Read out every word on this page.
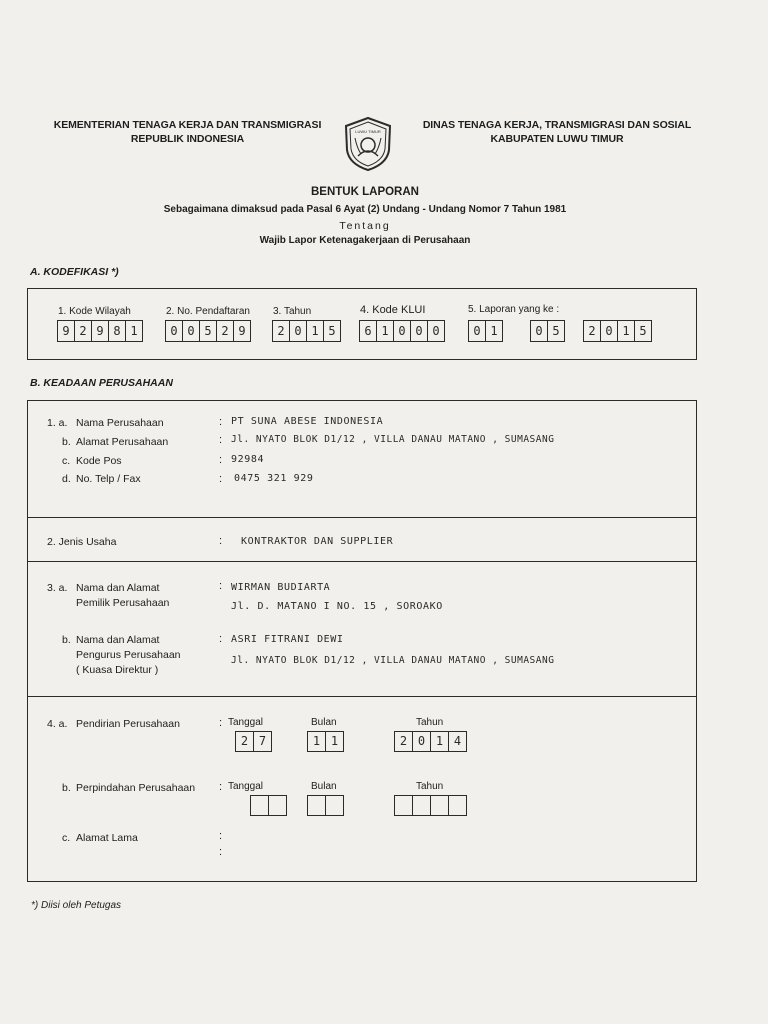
KEMENTERIAN TENAGA KERJA DAN TRANSMIGRASI
REPUBLIK INDONESIA
LUWU TIMUR
DINAS TENAGA KERJA, TRANSMIGRASI DAN SOSIAL
KABUPATEN LUWU TIMUR
BENTUK LAPORAN
Sebagaimana dimaksud pada Pasal 6 Ayat (2) Undang - Undang Nomor 7 Tahun 1981
Tentang
Wajib Lapor Ketenagakerjaan di Perusahaan
A. KODEFIKASI *)
1. Kode Wilayah
9 2 9 8 1
2. No. Pendaftaran
0 0 5 2 9
3. Tahun
2 0 1 5
4. Kode KLUI
6 1 0 0 0
5. Laporan yang ke :
0 1	0 5	2 0 1 5
B. KEADAAN PERUSAHAAN
1. a. Nama Perusahaan	: PT SUNA ABESE INDONESIA
b. Alamat Perusahaan	: Jl. NYATO BLOK D1/12 , VILLA DANAU MATANO , SUMASANG
c. Kode Pos	: 92984
d. No. Telp / Fax	: 0475 321 929
2. Jenis Usaha	: KONTRAKTOR DAN SUPPLIER
3. a. Nama dan Alamat
Pemilik Perusahaan
: WIRMAN BUDIARTA
Jl. D. MATANO I NO. 15 , SOROAKO
b. Nama dan Alamat
Pengurus Perusahaan
( Kuasa Direktur )
: ASRI FITRANI DEWI
Jl. NYATO BLOK D1/12 , VILLA DANAU MATANO , SUMASANG
4. a. Pendirian Perusahaan	: Tanggal	Bulan	Tahun
2 7	1 1	2 0 1 4
b. Perpindahan Perusahaan : Tanggal	Bulan	Tahun
c. Alamat Lama	:
:
*) Diisi oleh Petugas
